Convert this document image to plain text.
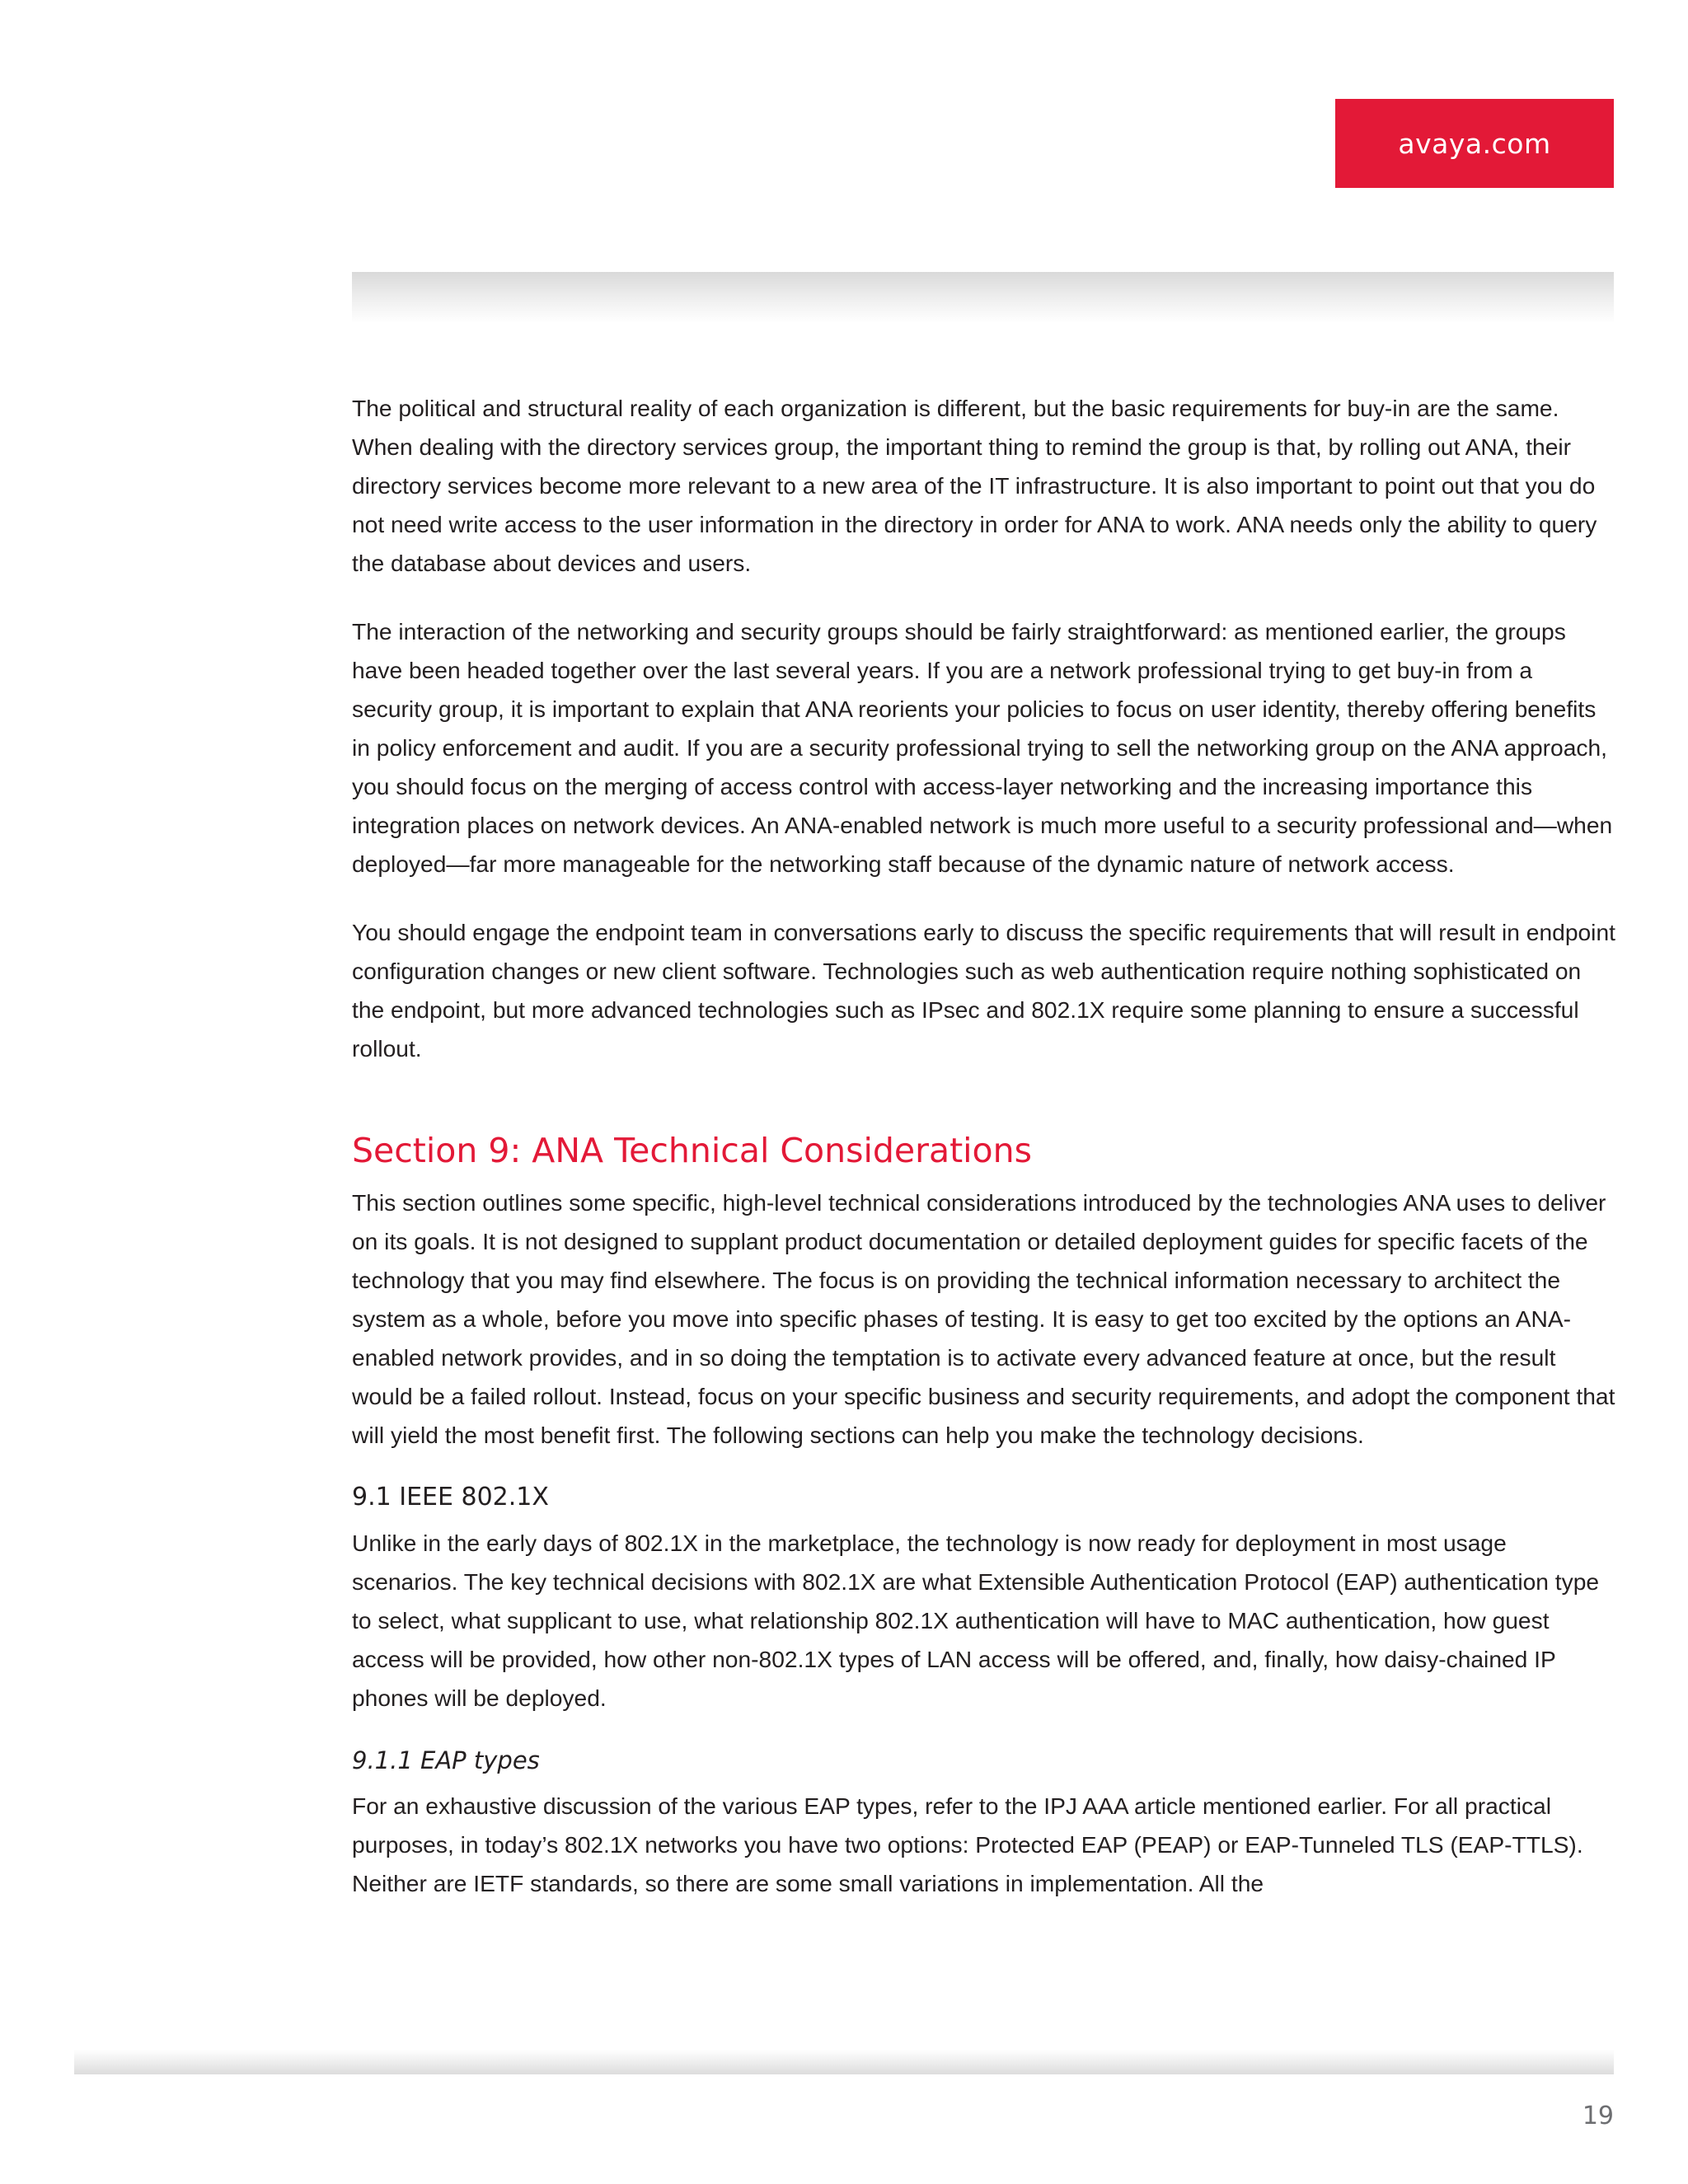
avaya.com

The political and structural reality of each organization is different, but the basic requirements for buy-in are the same. When dealing with the directory services group, the important thing to remind the group is that, by rolling out ANA, their directory services become more relevant to a new area of the IT infrastructure. It is also important to point out that you do not need write access to the user information in the directory in order for ANA to work. ANA needs only the ability to query the database about devices and users.

The interaction of the networking and security groups should be fairly straightforward: as mentioned earlier, the groups have been headed together over the last several years. If you are a network professional trying to get buy-in from a security group, it is important to explain that ANA reorients your policies to focus on user identity, thereby offering benefits in policy enforcement and audit. If you are a security professional trying to sell the networking group on the ANA approach, you should focus on the merging of access control with access-layer networking and the increasing importance this integration places on network devices. An ANA-enabled network is much more useful to a security professional and—when deployed—far more manageable for the networking staff because of the dynamic nature of network access.

You should engage the endpoint team in conversations early to discuss the specific requirements that will result in endpoint configuration changes or new client software. Technologies such as web authentication require nothing sophisticated on the endpoint, but more advanced technologies such as IPsec and 802.1X require some planning to ensure a successful rollout.

Section 9: ANA Technical Considerations

This section outlines some specific, high-level technical considerations introduced by the technologies ANA uses to deliver on its goals. It is not designed to supplant product documentation or detailed deployment guides for specific facets of the technology that you may find elsewhere. The focus is on providing the technical information necessary to architect the system as a whole, before you move into specific phases of testing. It is easy to get too excited by the options an ANA-enabled network provides, and in so doing the temptation is to activate every advanced feature at once, but the result would be a failed rollout. Instead, focus on your specific business and security requirements, and adopt the component that will yield the most benefit first. The following sections can help you make the technology decisions.

9.1 IEEE 802.1X

Unlike in the early days of 802.1X in the marketplace, the technology is now ready for deployment in most usage scenarios. The key technical decisions with 802.1X are what Extensible Authentication Protocol (EAP) authentication type to select, what supplicant to use, what relationship 802.1X authentication will have to MAC authentication, how guest access will be provided, how other non-802.1X types of LAN access will be offered, and, finally, how daisy-chained IP phones will be deployed.

9.1.1 EAP types

For an exhaustive discussion of the various EAP types, refer to the IPJ AAA article mentioned earlier. For all practical purposes, in today’s 802.1X networks you have two options: Protected EAP (PEAP) or EAP-Tunneled TLS (EAP-TTLS). Neither are IETF standards, so there are some small variations in implementation. All the

19
